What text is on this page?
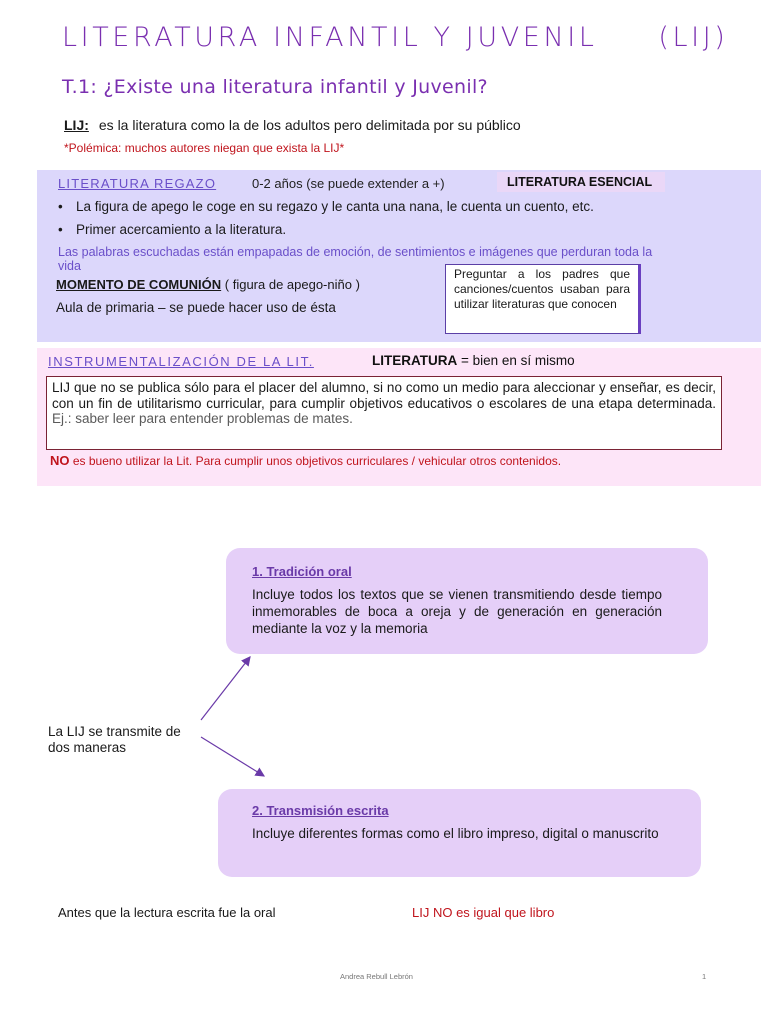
LITERATURA INFANTIL Y JUVENIL     (LIJ)
T.1: ¿Existe una literatura infantil y Juvenil?
LIJ: es la literatura como la de los adultos pero delimitada por su público
*Polémica: muchos autores niegan que exista la LIJ*
LITERATURA REGAZO	0-2 años (se puede extender a +)	LITERATURA ESENCIAL
• La figura de apego le coge en su regazo y le canta una nana, le cuenta un cuento, etc.
• Primer acercamiento a la literatura.
Las palabras escuchadas están empapadas de emoción, de sentimientos e imágenes que perduran toda la vida
MOMENTO DE COMUNIÓN ( figura de apego-niño )
Aula de primaria – se puede hacer uso de ésta
Preguntar a los padres que canciones/cuentos usaban para utilizar literaturas que conocen
INSTRUMENTALIZACIÓN DE LA LIT.	LITERATURA = bien en sí mismo
LIJ que no se publica sólo para el placer del alumno, si no como un medio para aleccionar y enseñar, es decir, con un fin de utilitarismo curricular, para cumplir objetivos educativos o escolares de una etapa determinada. Ej.: saber leer para entender problemas de mates.
NO es bueno utilizar la Lit. Para cumplir unos objetivos curriculares / vehicular otros contenidos.
1. Tradición oral
Incluye todos los textos que se vienen transmitiendo desde tiempo inmemorables de boca a oreja y de generación en generación mediante la voz y la memoria
2. Transmisión escrita
Incluye diferentes formas como el libro impreso, digital o manuscrito
La LIJ se transmite de dos maneras
Antes que la lectura escrita fue la oral	LIJ NO es igual que libro
Andrea Rebull Lebrón	1
